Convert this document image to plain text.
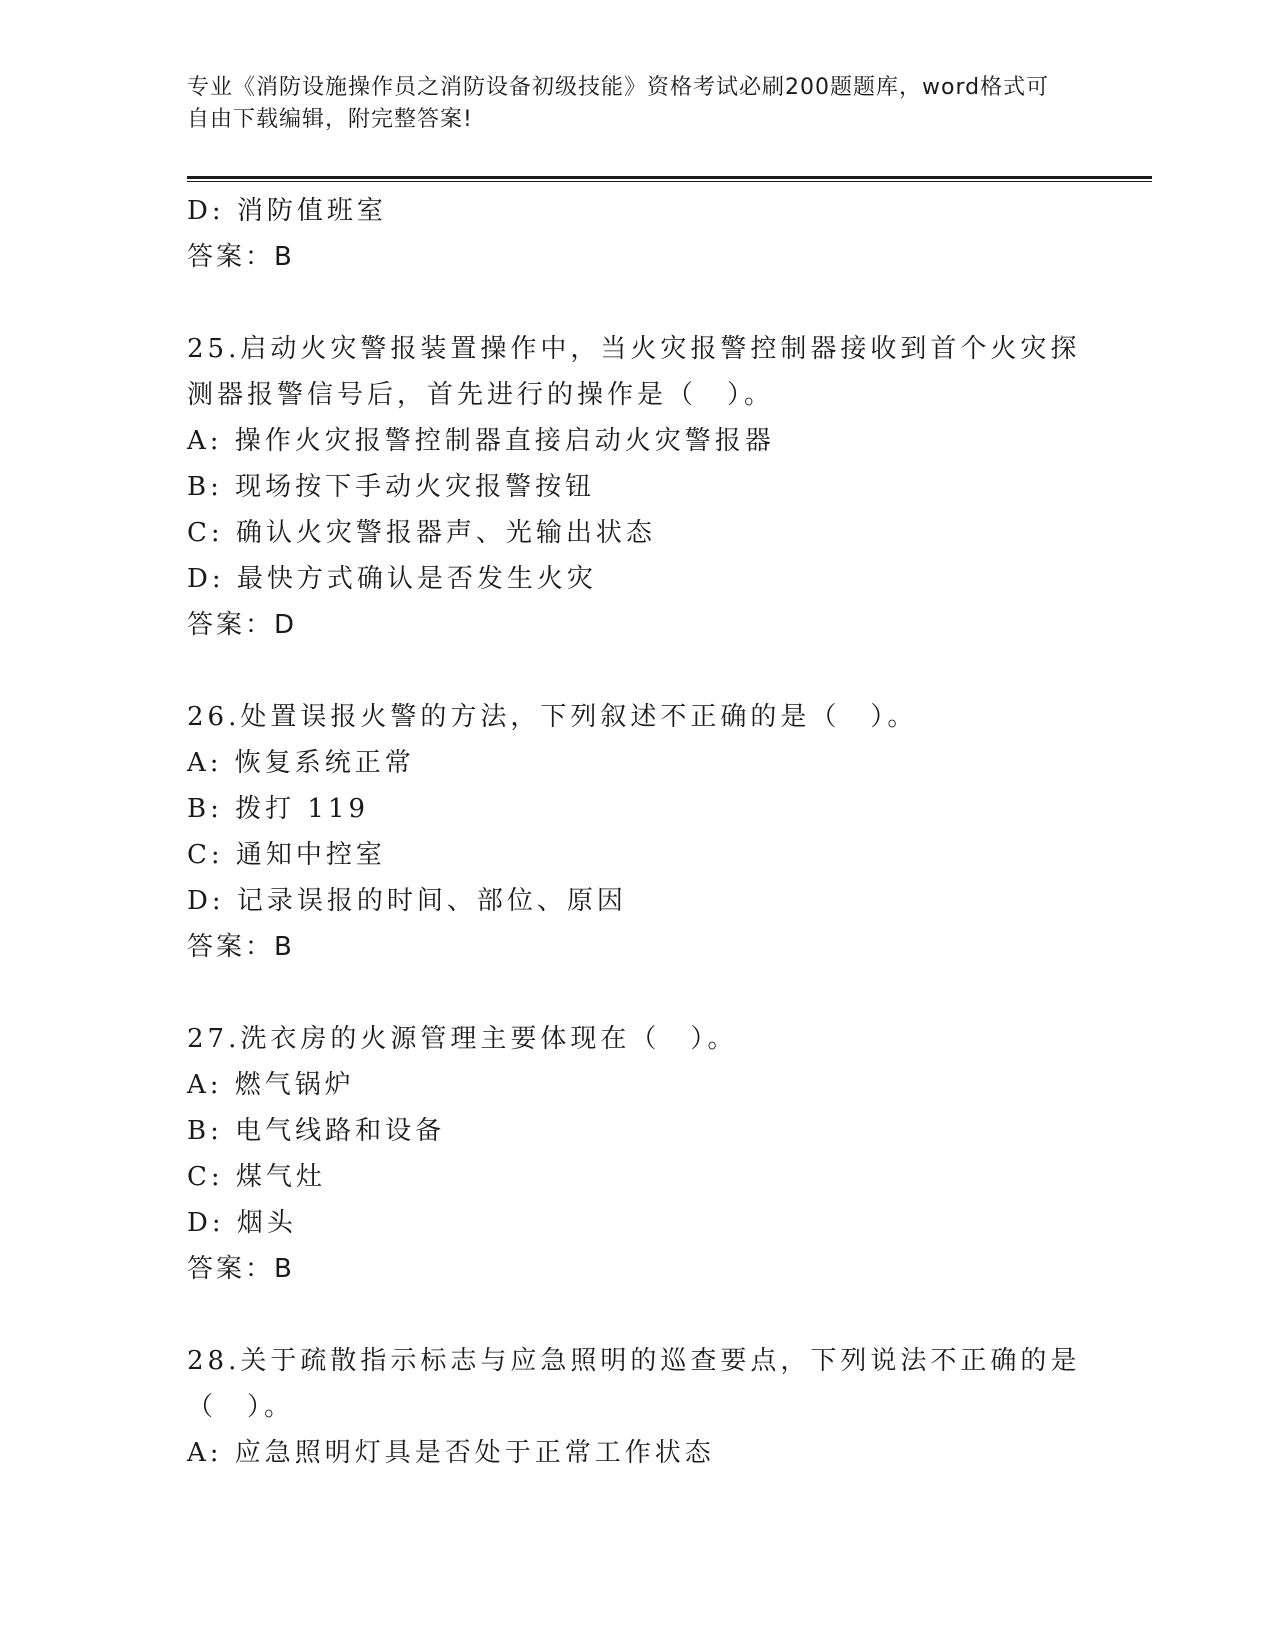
专业《消防设施操作员之消防设备初级技能》资格考试必刷200题题库，word格式可自由下载编辑，附完整答案!

D: 消防值班室

答案：B

25.启动火灾警报装置操作中，当火灾报警控制器接收到首个火灾探测器报警信号后，首先进行的操作是（　）。

A: 操作火灾报警控制器直接启动火灾警报器

B: 现场按下手动火灾报警按钮

C: 确认火灾警报器声、光输出状态

D: 最快方式确认是否发生火灾

答案：D

26.处置误报火警的方法，下列叙述不正确的是（　）。

A: 恢复系统正常

B: 拨打 119

C: 通知中控室

D: 记录误报的时间、部位、原因

答案：B

27.洗衣房的火源管理主要体现在（　）。

A: 燃气锅炉

B: 电气线路和设备

C: 煤气灶

D: 烟头

答案：B

28.关于疏散指示标志与应急照明的巡查要点，下列说法不正确的是（　）。

A: 应急照明灯具是否处于正常工作状态
